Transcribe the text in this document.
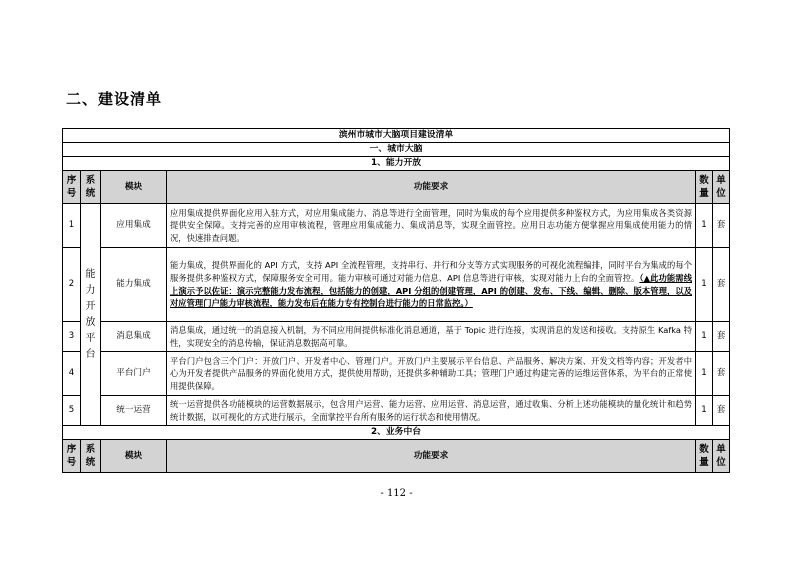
二、建设清单
滨州市城市大脑项目建设清单					
一、城市大脑					
1、能力开放					
序号	系统	模块	功能要求	数量	单位
1	能力开放平台	应用集成	应用集成提供界面化应用入驻方式，对应用集成能力、消息等进行全面管理，同时为集成的每个应用提供多种鉴权方式，为应用集成各类资源提供安全保障。支持完善的应用审核流程，管理应用集成能力、集成消息等，实现全面管控。应用日志功能方便掌握应用集成使用能力的情况，快速排查问题。	1	套
2		能力集成	能力集成，提供界面化的 API 方式，支持 API 全流程管理，支持串行、并行和分支等方式实现服务的可视化流程编排，同时平台为集成的每个服务提供多种鉴权方式，保障服务安全可用。能力审核可通过对能力信息、API 信息等进行审核，实现对能力上台的全面管控。（▲此功能需线上演示予以佐证：演示完整能力发布流程，包括能力的创建，API 分组的创建管理，API 的创建、发布、下线、编辑、删除、版本管理，以及对应管理门户能力审核流程，能力发布后在能力专有控制台进行能力的日常监控。）	1	套
3		消息集成	消息集成，通过统一的消息接入机制，为不同应用间提供标准化消息通道，基于 Topic 进行连接，实现消息的发送和接收。支持原生 Kafka 特性，实现安全的消息传输，保证消息数据高可靠。	1	套
4		平台门户	平台门户包含三个门户：开放门户、开发者中心、管理门户。开放门户主要展示平台信息、产品服务、解决方案、开发文档等内容；开发者中心为开发者提供产品服务的界面化使用方式，提供使用帮助，还提供多种辅助工具；管理门户通过构建完善的运维运营体系，为平台的正常使用提供保障。	1	套
5		统一运营	统一运营提供各功能模块的运营数据展示，包含用户运营、能力运营、应用运营、消息运营，通过收集、分析上述功能模块的量化统计和趋势统计数据，以可视化的方式进行展示，全面掌控平台所有服务的运行状态和使用情况。	1	套
2、业务中台					
序号	系统	模块	功能要求	数量	单位
- 112 -
